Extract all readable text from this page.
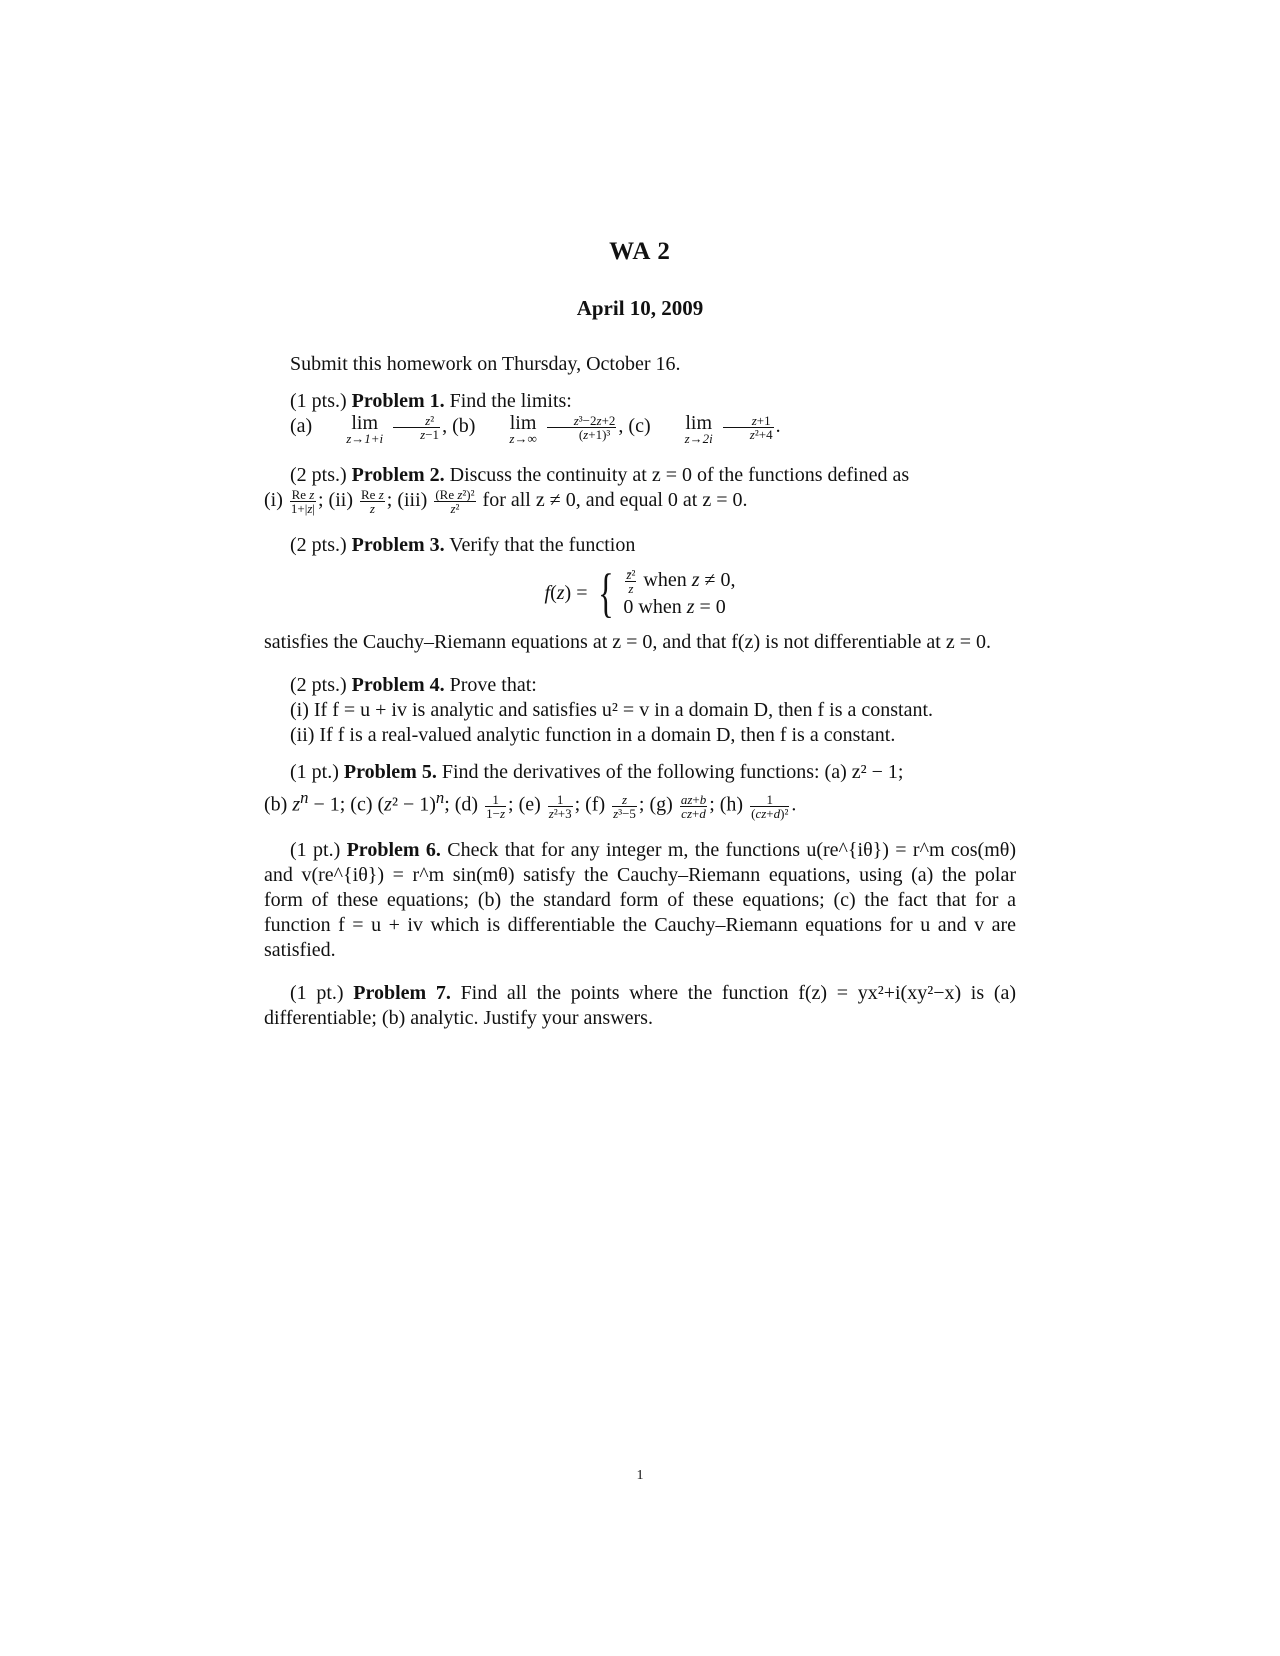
WA 2
April 10, 2009

Submit this homework on Thursday, October 16.

(1 pts.) Problem 1. Find the limits:

(a) lim
z→1+i
$\frac{\text{z²}}{z-1}$ , (b) lim
z→∞
$\frac{\text{z³−2z+2}}{\text{(z+1)³}}$ , (c) lim
z→2i
$\frac{z+1}{\text{z²+4}}$ .

(2 pts.) Problem 2. Discuss the continuity at z = 0 of the functions defined as

$(i) \frac{\text{Re z}}{1+|z|}$ ; $(ii) \frac{\text{Re z}}{z}$ ; $(iii) \frac{\text{(Re z²)²}}{\text{z²}}$ for all z ≠ 0, and equal 0 at z = 0.

(2 pts.) Problem 3. Verify that the function

f(z) = { $\frac{\text{z̄²}}{z}$ when z ≠ 0,
0 when z = 0

satisfies the Cauchy–Riemann equations at z = 0, and that f(z) is not differentiable at z = 0.

(2 pts.) Problem 4. Prove that:

(i) If f = u + iv is analytic and satisfies u² = v in a domain D, then f is a constant.

(ii) If f is a real-valued analytic function in a domain D, then f is a constant.

(1 pt.) Problem 5. Find the derivatives of the following functions: (a) z² − 1;

(b) $z^n - 1$; (c) $(z^2 - 1)^n$; $(d) \frac{1}{1-z}$ ; $(e) \frac{1}{\text{z²+3}}$ ; $(f) \frac{z}{\text{z³−5}}$ ; $(g) \frac{az+b}{cz+d}$ ; $(h) \frac{1}{\text{(cz+d)²}}$ .

(1 pt.) Problem 6. Check that for any integer m, the functions u(re^{iθ}) = r^m cos(mθ) and v(re^{iθ}) = r^m sin(mθ) satisfy the Cauchy–Riemann equations, using (a) the polar form of these equations; (b) the standard form of these equations; (c) the fact that for a function f = u + iv which is differentiable the Cauchy–Riemann equations for u and v are satisfied.

(1 pt.) Problem 7. Find all the points where the function f(z) = yx²+i(xy²−x) is (a) differentiable; (b) analytic. Justify your answers.

1
